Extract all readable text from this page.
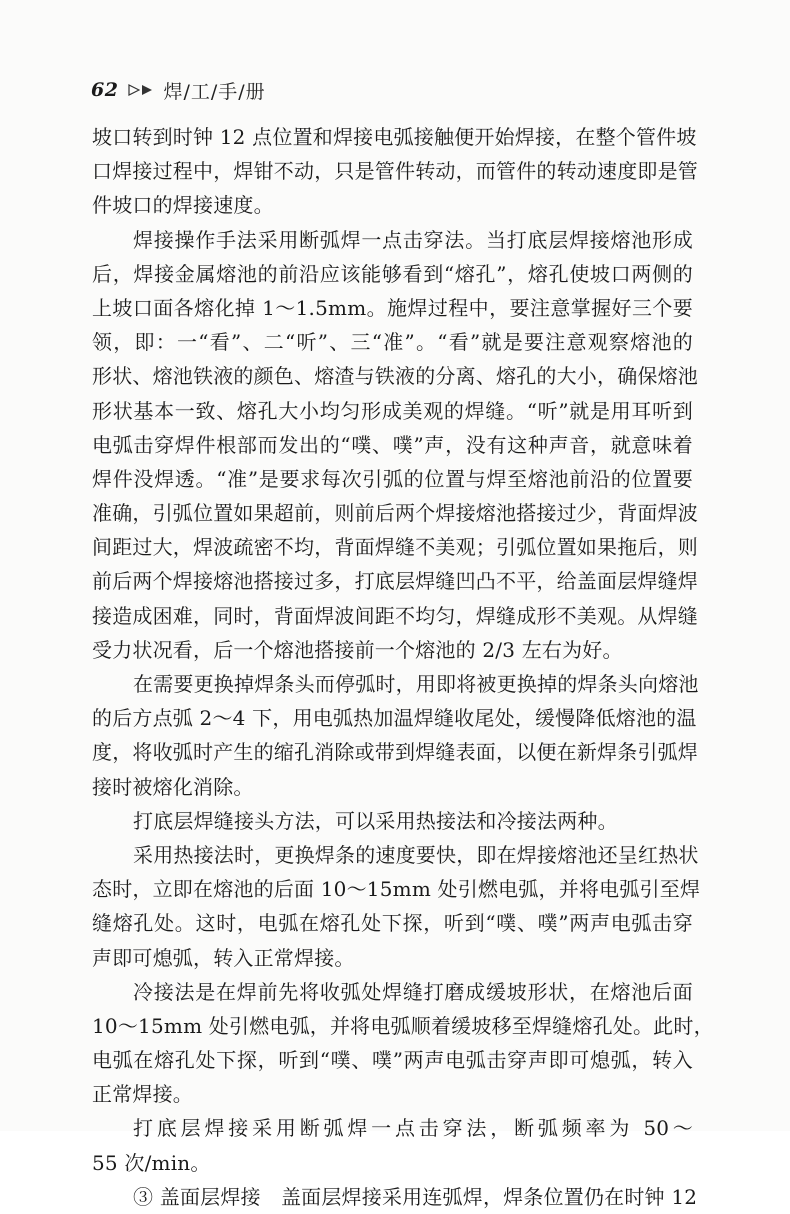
62 焊/工/手/册
坡口转到时钟 12 点位置和焊接电弧接触便开始焊接，在整个管件坡
口焊接过程中，焊钳不动，只是管件转动，而管件的转动速度即是管
件坡口的焊接速度。
焊接操作手法采用断弧焊一点击穿法。当打底层焊接熔池形成
后，焊接金属熔池的前沿应该能够看到“熔孔”，熔孔使坡口两侧的
上坡口面各熔化掉 1～1.5mm。施焊过程中，要注意掌握好三个要
领，即：一“看”、二“听”、三“准”。“看”就是要注意观察熔池的
形状、熔池铁液的颜色、熔渣与铁液的分离、熔孔的大小，确保熔池
形状基本一致、熔孔大小均匀形成美观的焊缝。“听”就是用耳听到
电弧击穿焊件根部而发出的“噗、噗”声，没有这种声音，就意味着
焊件没焊透。“准”是要求每次引弧的位置与焊至熔池前沿的位置要
准确，引弧位置如果超前，则前后两个焊接熔池搭接过少，背面焊波
间距过大，焊波疏密不均，背面焊缝不美观；引弧位置如果拖后，则
前后两个焊接熔池搭接过多，打底层焊缝凹凸不平，给盖面层焊缝焊
接造成困难，同时，背面焊波间距不均匀，焊缝成形不美观。从焊缝
受力状况看，后一个熔池搭接前一个熔池的 2/3 左右为好。
在需要更换掉焊条头而停弧时，用即将被更换掉的焊条头向熔池
的后方点弧 2～4 下，用电弧热加温焊缝收尾处，缓慢降低熔池的温
度，将收弧时产生的缩孔消除或带到焊缝表面，以便在新焊条引弧焊
接时被熔化消除。
打底层焊缝接头方法，可以采用热接法和冷接法两种。
采用热接法时，更换焊条的速度要快，即在焊接熔池还呈红热状
态时，立即在熔池的后面 10～15mm 处引燃电弧，并将电弧引至焊
缝熔孔处。这时，电弧在熔孔处下探，听到“噗、噗”两声电弧击穿
声即可熄弧，转入正常焊接。
冷接法是在焊前先将收弧处焊缝打磨成缓坡形状，在熔池后面
10～15mm 处引燃电弧，并将电弧顺着缓坡移至焊缝熔孔处。此时，
电弧在熔孔处下探，听到“噗、噗”两声电弧击穿声即可熄弧，转入
正常焊接。
打底层焊接采用断弧焊一点击穿法，断弧频率为 50～
55 次/min。
③ 盖面层焊接　盖面层焊接采用连弧焊，焊条位置仍在时钟 12
